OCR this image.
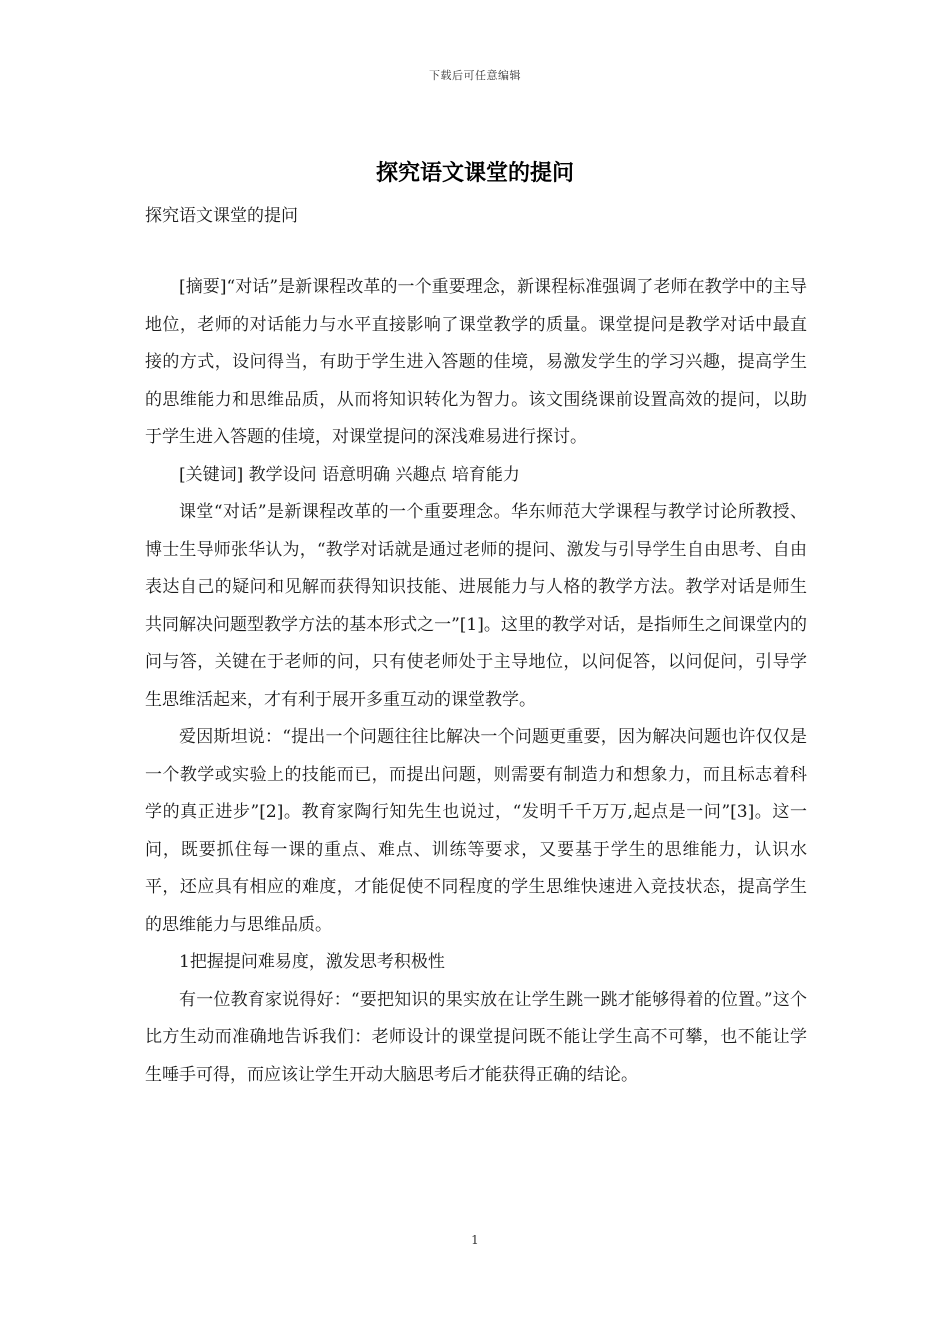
下载后可任意编辑
探究语文课堂的提问
探究语文课堂的提问

[摘要]“对话”是新课程改革的一个重要理念，新课程标准强调了老师在教学中的主导地位，老师的对话能力与水平直接影响了课堂教学的质量。课堂提问是教学对话中最直接的方式，设问得当，有助于学生进入答题的佳境，易激发学生的学习兴趣，提高学生的思维能力和思维品质，从而将知识转化为智力。该文围绕课前设置高效的提问，以助于学生进入答题的佳境，对课堂提问的深浅难易进行探讨。

[关键词] 教学设问 语意明确 兴趣点 培育能力

课堂“对话”是新课程改革的一个重要理念。华东师范大学课程与教学讨论所教授、博士生导师张华认为，“教学对话就是通过老师的提问、激发与引导学生自由思考、自由表达自己的疑问和见解而获得知识技能、进展能力与人格的教学方法。教学对话是师生共同解决问题型教学方法的基本形式之一”[1]。这里的教学对话，是指师生之间课堂内的问与答，关键在于老师的问，只有使老师处于主导地位，以问促答，以问促问，引导学生思维活起来，才有利于展开多重互动的课堂教学。

爱因斯坦说：“提出一个问题往往比解决一个问题更重要，因为解决问题也许仅仅是一个教学或实验上的技能而已，而提出问题，则需要有制造力和想象力，而且标志着科学的真正进步”[2]。教育家陶行知先生也说过，“发明千千万万,起点是一问”[3]。这一问，既要抓住每一课的重点、难点、训练等要求，又要基于学生的思维能力，认识水平，还应具有相应的难度，才能促使不同程度的学生思维快速进入竞技状态，提高学生的思维能力与思维品质。

1把握提问难易度，激发思考积极性

有一位教育家说得好：“要把知识的果实放在让学生跳一跳才能够得着的位置。”这个比方生动而准确地告诉我们：老师设计的课堂提问既不能让学生高不可攀，也不能让学生唾手可得，而应该让学生开动大脑思考后才能获得正确的结论。

1
